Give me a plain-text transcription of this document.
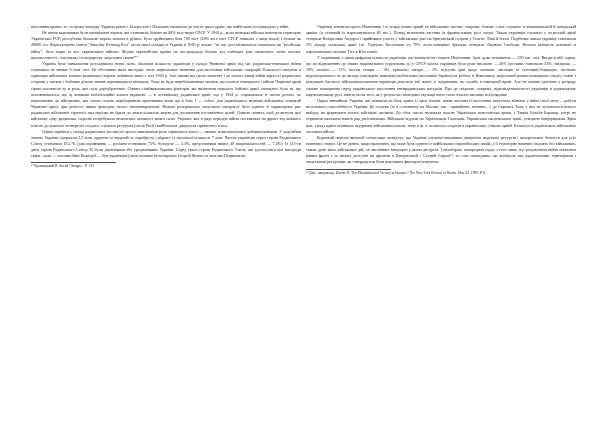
населення країни, то і в цьому випадку Україна разом з Білорусією і Польщею належала до числа трьох країн, що найбільше постраждали у війні.

Не менш важливими були матеріальні втрати, які становили більше як 40% всіх втрат СРСР. У 1944 р., коли німецькі війська покинули територію Української РСР, республіка більшою мірою лежала в руїнах. Було зруйновано біля 700 міст (40% всіх міст СРСР, зниклих з лиця землі) і більше як 28000 сіл. Кореспондент газети "Saturday Evening Post" після своєї поїздки в Україну в 1945 р. писав: "те, що досі називалося топонімом як "російську війну", було перш за все українською війною. Жодна європейська країна не постраждала більше від глибоких ран, нанесених своїм містам, промисловості, сільському господарству, людським силам"¹⁰.

Україна була навчальним розсадником нової сили. Загальна кількість українців у складі Червоної армії під час радянсько-німецької війни становила не менше 6 млн. чол. Це обставина мала наслідки, часто вирішальне значення для населення військових операцій. Більшості пам'яток в одиницях військової техніки радянська сторона добивала лише з літа 1943 р. Але значна від цього моменту і до самого кінця війни вартості радянської сторони у питках з бойових дітьми значно перевищувала німецьку. Тому не буде перебільшенням сказати, що полеглі німецького і військ Червоної армії гірше поставили ту ж роль, яке силу дередбратених. Одним з найважливіших факторів, які визначали першість бойової армії, очевидно, було те, що поповнювалося, що ці вишкові мобілізаційні кошти втрачали — в останньому радянської армії, що у 1944 р. справлялися зі своєю роллю, по відношенню до військових, яка своєю силою переборювала противника вони що в бою 1 — тобто, для українського ведення військових операцій Червоної армії, при різності інших факторів, могло неперевершеним. Ведена розтратилась людського матеріалу було однією зі характерних рис радянської військової стратегії, яка нерідко не брала до уваги кількість жертв для досягнення поставлених цілей. Однією символ, щоб досягнути цієї військову ціну радянська сторона потребувала величезної кількості живої сили. Україна, яка в ряді періодів війни поставляла на фронт від кожного п'ятого до кожного четвертого солдата, служила ресурсом (після Росії) найбільших джерелом гарматного м'яса.

Однак українці у складі радянських частин не просто виконували роль гарматного м'яса — значна, вони вписалися доблими воїнами. У ході війни значно України одержали 2,5 млн. орденів та медалей за хоробрість і відвагу (з загальної кількості 7 млн. Частка українців серед героїв Радянського Союзу становила 18,2 % (для порівняння — росіяни становили 71%, білоруси — 3,3%, представники інших 40 національностей — 7,4%). Із 115-ти двічі героїв Радянського Союзу 35 були українцями або уродженцями України. Серед трьох героїв Радянського Союзу, які удостоїлися цієї нагороди тричі, один — льотчик Іван Кожедуб — був українцем (двічі іншими були маршал Георгій Жуков та льотчик Покришкін).

¹⁰ Кульчицький В. Social Changes... P. 153.

Українці воювали проти Німеччини і в складі інших армій та військових частин, зокрема, більше з них служило в американській й канадській арміях (в останній їх нараховувалося 40 тис.). Понад величезна частина (в французькому русі опору. Також українців служило у польській армії генерала Владислава Андерса і прийнявші участь у військових діях на британській стороні у Єгипті, Лівії й Італії. Подібним чином українці становили 2% складу польської армії (зо. Тадеуша Костюшки та 70% чехословацької бригади генерала Людвіга Свободи. Немала кількість воювали в партизанських загонах Тіто в Югославії.

У порівнянні з цими цифрами кількість українців, що воювали на стороні Німеччини, була дуже незначною — 250 тис. чол. Вводи в ній, однак, що по відношенню до інших національних угруповань до у СРСР частка українців була дуже високою — 26% (росіяни становили 32%, татарські — 19%, казахи — 11%, вол'ки татари — 4%, кримські татари — 2%, відсутні дані щодо латишів, литовців та естонців).Очевидно, частково відповідальність за це вкладе покладати навальна мобілізація населення України на роботу в Німеччину, жорстокий режим німецького окупу, повні з кунулише багатьох військовополонених-українців ріпульси заб житті, в одержання, на службу в німецькій армії. Але не можна ідеалити у розряду сильне поширення серед українського населення антирадянських настроїв. Про це свідчить, зокрема, відповідатимесності українців в радянському партизанському русі, навіть після того, як у результаті німецької окупації воно стало взагалі питаннє популярним.

Окрім звичайних Україна, які воювали на боці одних із двох блоків, певна частина її населення перестала вбачати у війні своєї мету – добути незалежної самостійності України. Це спільно (їх в основному на Москві, так – принаймні, печатки – і до Європи). Тому у них не залишалося нового вибору, як формувати власні військові частини. До обох числа належала власне Українська повстанська армія, і Таврія Бульба-Боровця, котрі не отримали належала навіть ряд регіональних. Військові відділи на Українських Галичині, Української національної армії, утворена бандерівцями. Крім цих, з ряду країн отримали підтримку військових кошти, тому в ці. ч. кількість солдатів в українських з інших армій. Кількість в українських військових частинах військ.

Короткий перелік вичизуй статистики засвідчує, що Україна служила важливим джерелом людських ресурсів і матеріальних багатств для усіх воюючих сторін. Це не дивно, якщо врахувати, що вона була однією із найбільших європейських націй, а її територію напевно свідчать бої військових, також дуже мало військових дій, та численних випущені у низах ресурсів. І незабаром, попереднім щодо з того лише, що результатом війни опоменім рамки фронт і за міцної доступні на фронтів в Центральній і Східній Європі¹¹, то стає очевидним, що контроль над українськими територіями і людськими ресурсами, як стверджуали були важливим фактором перемоги.

¹¹ Див., наприклад: Davies N. The Misunderstood Victory in Europe // The New York Review of Books. May 25, 1995. P. 8.
